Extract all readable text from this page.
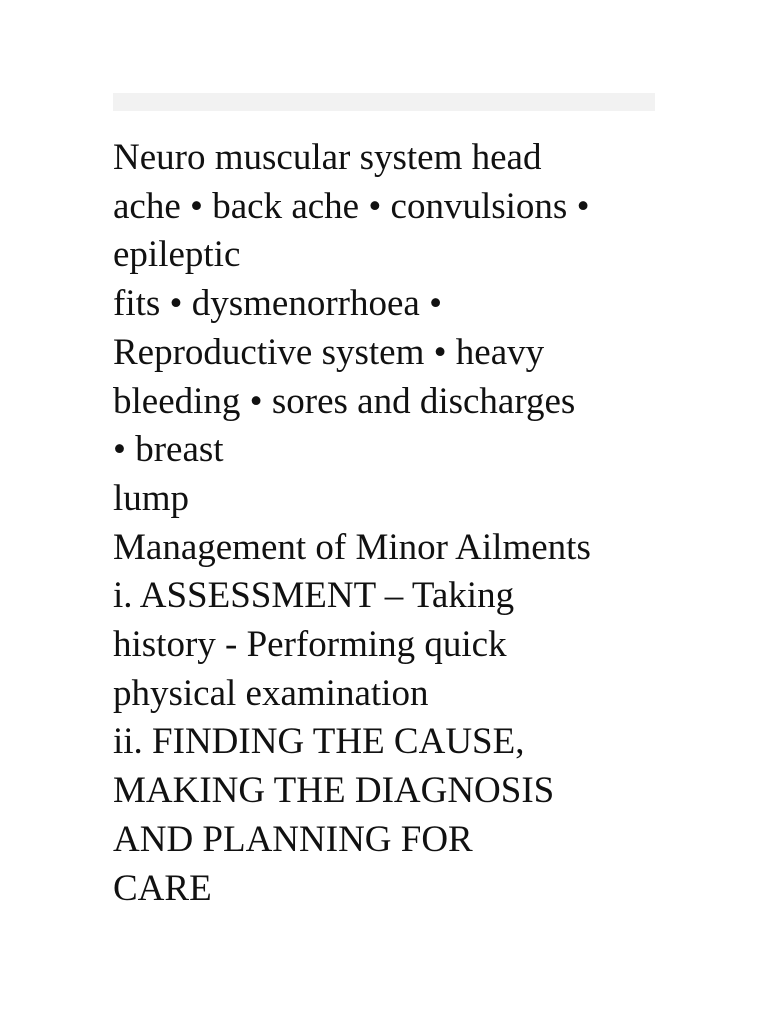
Neuro muscular system head
ache • back ache • convulsions •
epileptic
fits • dysmenorrhoea •
Reproductive system • heavy
bleeding • sores and discharges
• breast
lump
Management of Minor Ailments
i. ASSESSMENT – Taking
history - Performing quick
physical examination
ii. FINDING THE CAUSE,
MAKING THE DIAGNOSIS
AND PLANNING FOR
CARE
